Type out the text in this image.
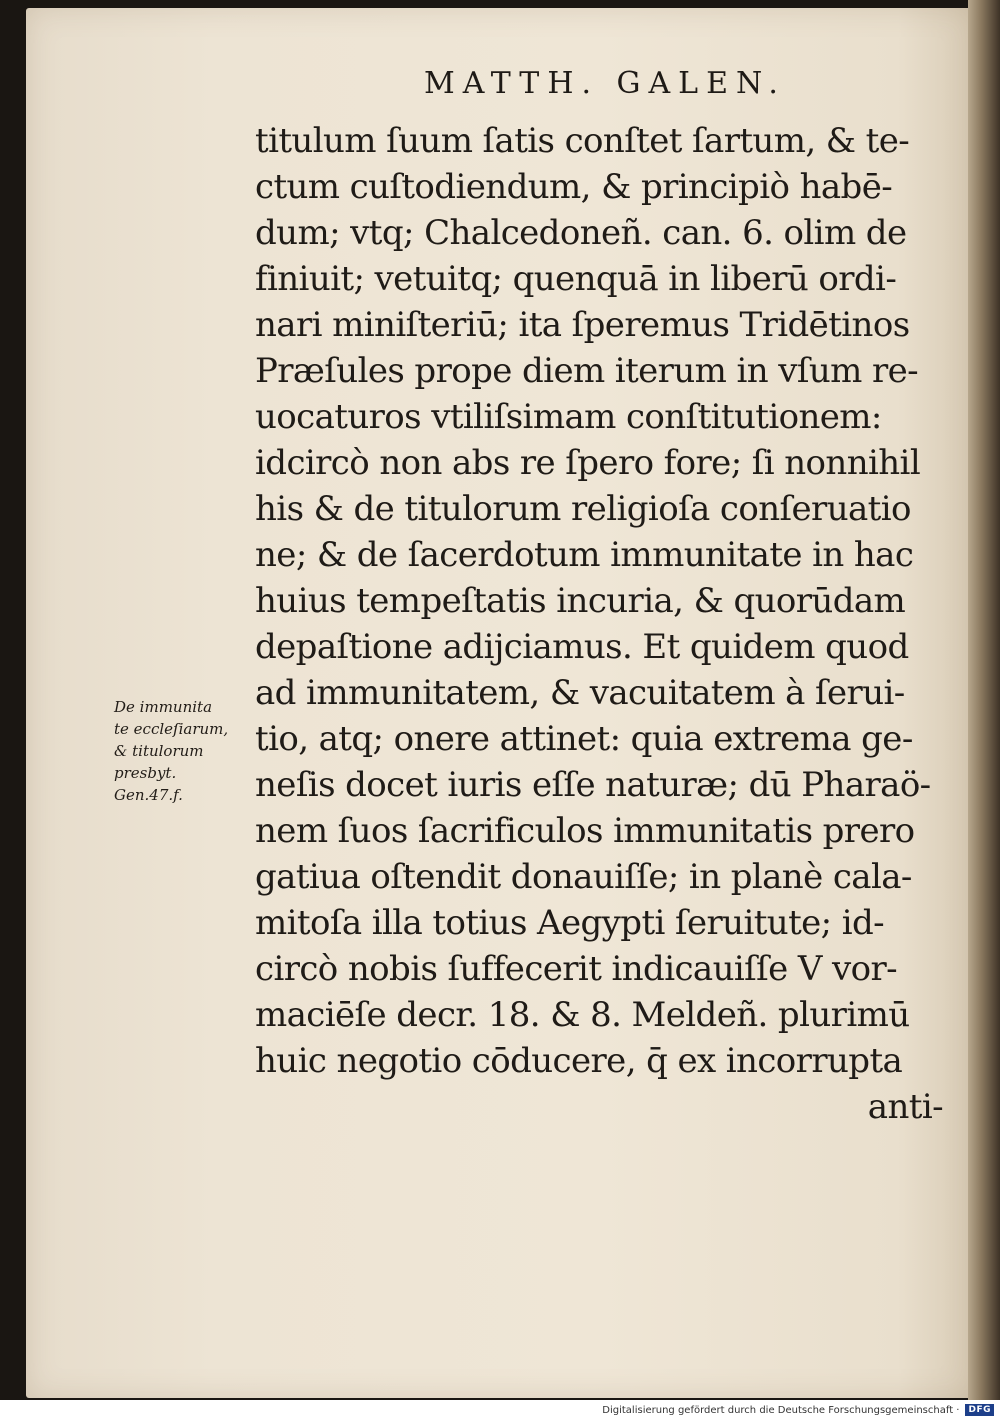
MATTH. GALEN.
titulum ſuum ſatis conſtet ſartum, & te-
ctum cuſtodiendum, & principiò habē-
dum; vtq; Chalcedoneñ. can. 6. olim de
finiuit; vetuitq; quenquā in liberū ordi-
nari miniſteriū; ita ſperemus Tridētinos
Præſules prope diem iterum in vſum re-
uocaturos vtiliſsimam conſtitutionem:
idcircò non abs re ſpero fore; ſi nonnihil
his & de titulorum religioſa conſeruatio
ne; & de ſacerdotum immunitate in hac
huius tempeſtatis incuria, & quorūdam
depaſtione adijciamus. Et quidem quod
ad immunitatem, & vacuitatem à ſerui-
tio, atq; onere attinet: quia extrema ge-
neſis docet iuris eſſe naturæ; dū Pharaö-
nem ſuos ſacrificulos immunitatis prero
gatiua oſtendit donauiſſe; in planè cala-
mitoſa illa totius Aegypti ſeruitute; id-
circò nobis ſuffecerit indicauiſſe V vor-
maciēſe decr. 18. & 8. Meldeñ. plurimū
huic negotio cōducere, q̄ ex incorrupta
anti-
De immunita
te eccleſiarum,
& titulorum
presbyt.
Gen.47.f.
Digitalisierung gefördert durch die Deutsche Forschungsgemeinschaft ·	DFG
